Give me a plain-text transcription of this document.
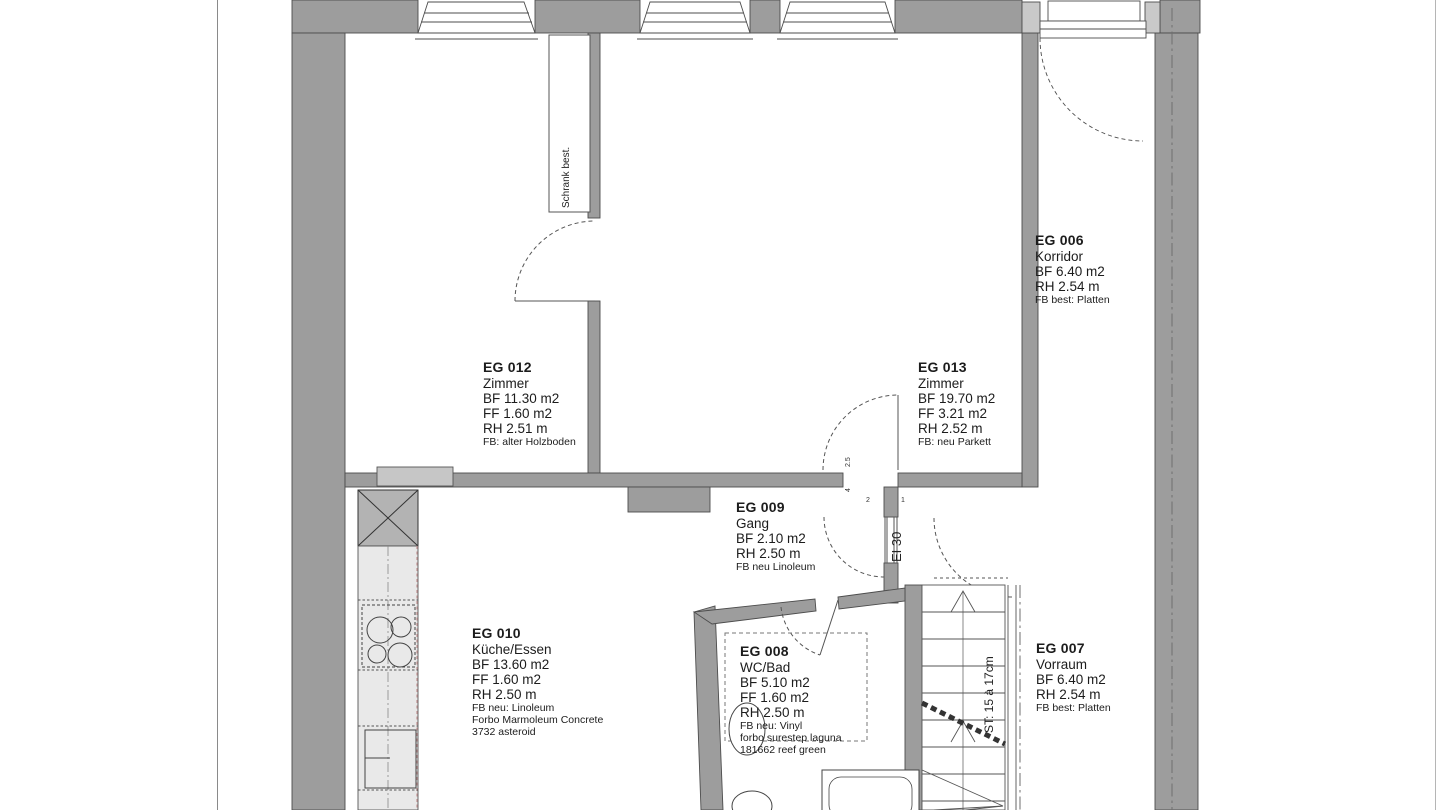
EG 012
Zimmer
BF 11.30 m2
FF 1.60 m2
RH 2.51 m
FB: alter Holzboden
EG 013
Zimmer
BF 19.70 m2
FF 3.21 m2
RH 2.52 m
FB: neu Parkett
EG 006
Korridor
BF 6.40 m2
RH 2.54 m
FB best: Platten
EG 009
Gang
BF 2.10 m2
RH 2.50 m
FB neu Linoleum
EG 010
Küche/Essen
BF 13.60 m2
FF 1.60 m2
RH 2.50 m
FB neu: Linoleum
Forbo Marmoleum Concrete
3732 asteroid
EG 008
WC/Bad
BF 5.10 m2
FF 1.60 m2
RH 2.50 m
FB neu: Vinyl
forbo surestep laguna
181662 reef green
EG 007
Vorraum
BF 6.40 m2
RH 2.54 m
FB best: Platten
Schrank best.
EI 30
ST: 15 à 17cm
2.5
4
2	1
